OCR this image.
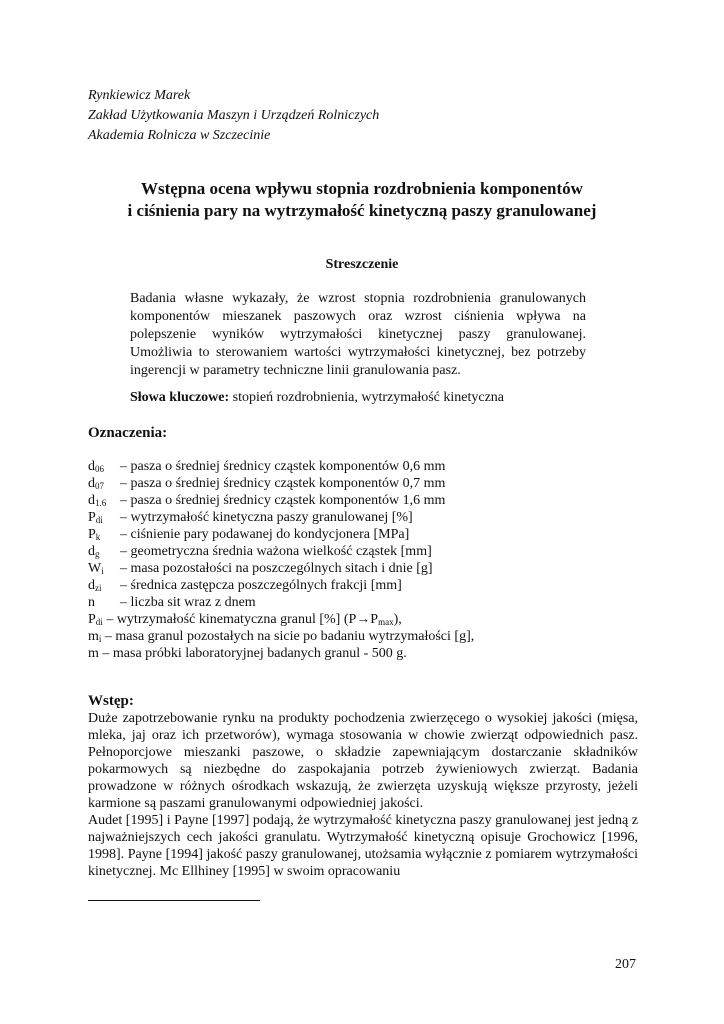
Rynkiewicz Marek
Zakład Użytkowania Maszyn i Urządzeń Rolniczych
Akademia Rolnicza w Szczecinie
Wstępna ocena wpływu stopnia rozdrobnienia komponentów
i ciśnienia pary na wytrzymałość kinetyczną paszy granulowanej
Streszczenie
Badania własne wykazały, że wzrost stopnia rozdrobnienia granulowanych komponentów mieszanek paszowych oraz wzrost ciśnienia wpływa na polepszenie wyników wytrzymałości kinetycznej paszy granulowanej. Umożliwia to sterowaniem wartości wytrzymałości kinetycznej, bez potrzeby ingerencji w parametry techniczne linii granulowania pasz.
Słowa kluczowe: stopień rozdrobnienia, wytrzymałość kinetyczna
Oznaczenia:
$d_{06}$	– pasza o średniej średnicy cząstek komponentów 0,6 mm
$d_{07}$	– pasza o średniej średnicy cząstek komponentów 0,7 mm
$d_{1.6}$ – pasza o średniej średnicy cząstek komponentów 1,6 mm
$P_{di}$	– wytrzymałość kinetyczna paszy granulowanej [%]
$P_k$	– ciśnienie pary podawanej do kondycjonera [MPa]
$d_g$	– geometryczna średnia ważona wielkość cząstek [mm]
$W_i$	– masa pozostałości na poszczególnych sitach i dnie [g]
$d_{zi}$	– średnica zastępcza poszczególnych frakcji [mm]
n	– liczba sit wraz z dnem
$P_{di}$ – wytrzymałość kinematyczna granul [%] $(P\to P_{max})$,
$m_i$ – masa granul pozostałych na sicie po badaniu wytrzymałości [g],
m – masa próbki laboratoryjnej badanych granul - 500 g.
Wstęp:

Duże zapotrzebowanie rynku na produkty pochodzenia zwierzęcego o wysokiej jakości (mięsa, mleka, jaj oraz ich przetworów), wymaga stosowania w chowie zwierząt odpowiednich pasz. Pełnoporcjowe mieszanki paszowe, o składzie zapewniającym dostarczanie składników pokarmowych są niezbędne do zaspokajania potrzeb żywieniowych zwierząt. Badania prowadzone w różnych ośrodkach wskazują, że zwierzęta uzyskują większe przyrosty, jeżeli karmione są paszami granulowanymi odpowiedniej jakości.

Audet [1995] i Payne [1997] podają, że wytrzymałość kinetyczna paszy granulowanej jest jedną z najważniejszych cech jakości granulatu. Wytrzymałość kinetyczną opisuje Grochowicz [1996, 1998]. Payne [1994] jakość paszy granulowanej, utożsamia wyłącznie z pomiarem wytrzymałości kinetycznej. Mc Ellhiney [1995] w swoim opracowaniu

207
